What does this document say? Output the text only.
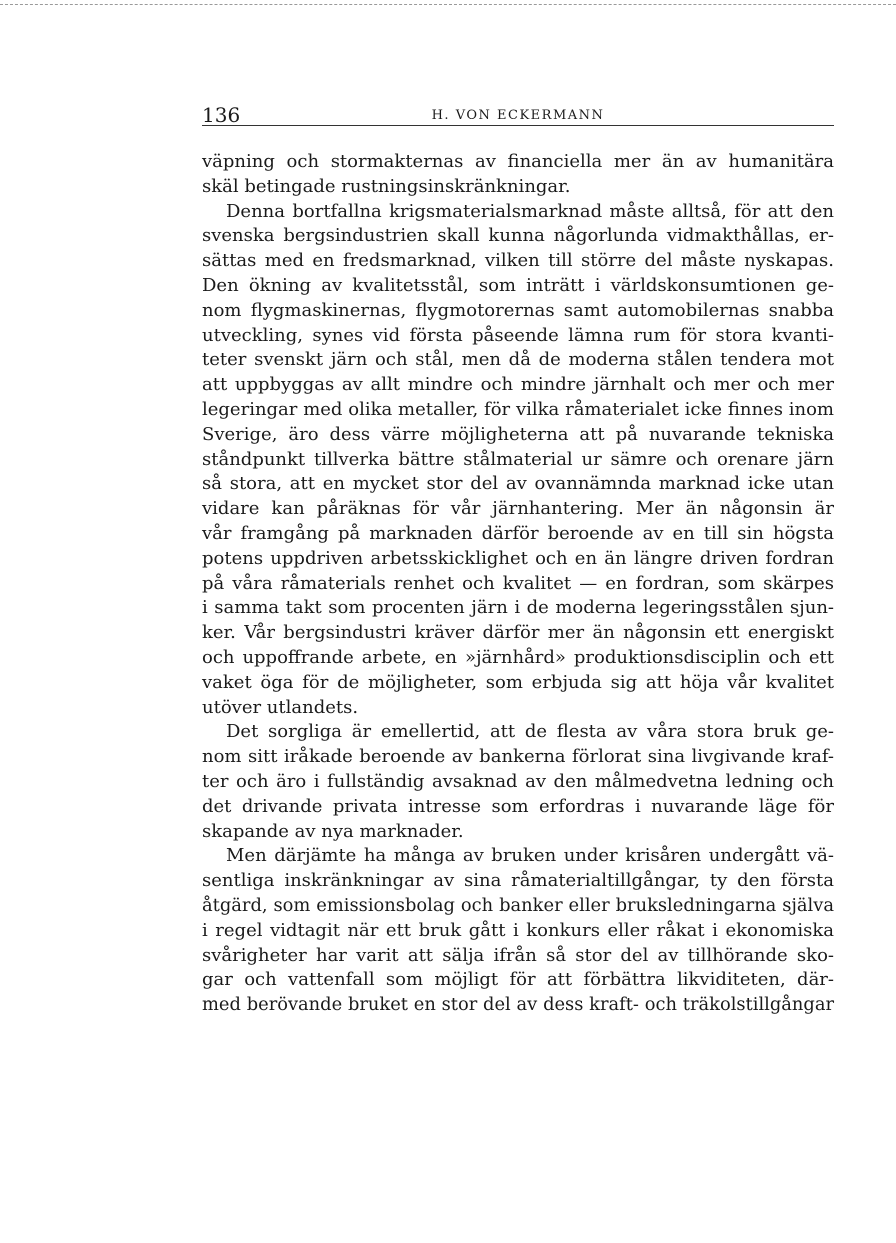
136	H. VON ECKERMANN
väpning och stormakternas av financiella mer än av humanitära
skäl betingade rustningsinskränkningar.
Denna bortfallna krigsmaterialsmarknad måste alltså, för att den
svenska bergsindustrien skall kunna någorlunda vidmakthållas, er-
sättas med en fredsmarknad, vilken till större del måste nyskapas.
Den ökning av kvalitetsstål, som inträtt i världskonsumtionen ge-
nom flygmaskinernas, flygmotorernas samt automobilernas snabba
utveckling, synes vid första påseende lämna rum för stora kvanti-
teter svenskt järn och stål, men då de moderna stålen tendera mot
att uppbyggas av allt mindre och mindre järnhalt och mer och mer
legeringar med olika metaller, för vilka råmaterialet icke finnes inom
Sverige, äro dess värre möjligheterna att på nuvarande tekniska
ståndpunkt tillverka bättre stålmaterial ur sämre och orenare järn
så stora, att en mycket stor del av ovannämnda marknad icke utan
vidare kan påräknas för vår järnhantering. Mer än någonsin är
vår framgång på marknaden därför beroende av en till sin högsta
potens uppdriven arbetsskicklighet och en än längre driven fordran
på våra råmaterials renhet och kvalitet — en fordran, som skärpes
i samma takt som procenten järn i de moderna legeringsstålen sjun-
ker. Vår bergsindustri kräver därför mer än någonsin ett energiskt
och uppoffrande arbete, en »järnhård» produktionsdisciplin och ett
vaket öga för de möjligheter, som erbjuda sig att höja vår kvalitet
utöver utlandets.
Det sorgliga är emellertid, att de flesta av våra stora bruk ge-
nom sitt iråkade beroende av bankerna förlorat sina livgivande kraf-
ter och äro i fullständig avsaknad av den målmedvetna ledning och
det drivande privata intresse som erfordras i nuvarande läge för
skapande av nya marknader.
Men därjämte ha många av bruken under krisåren undergått vä-
sentliga inskränkningar av sina råmaterialtillgångar, ty den första
åtgärd, som emissionsbolag och banker eller bruksledningarna själva
i regel vidtagit när ett bruk gått i konkurs eller råkat i ekonomiska
svårigheter har varit att sälja ifrån så stor del av tillhörande sko-
gar och vattenfall som möjligt för att förbättra likviditeten, där-
med berövande bruket en stor del av dess kraft- och träkolstillgångar
